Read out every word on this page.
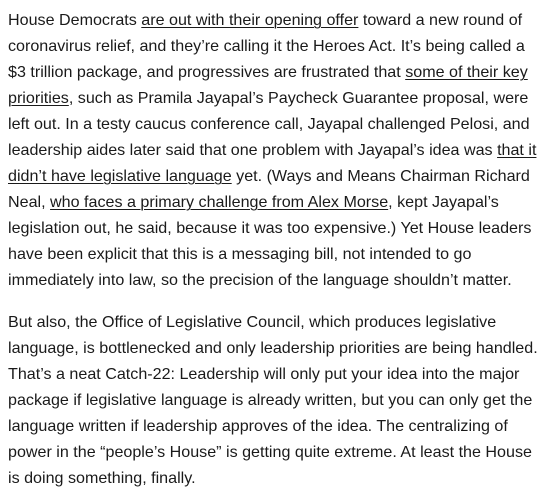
House Democrats are out with their opening offer toward a new round of coronavirus relief, and they’re calling it the Heroes Act. It’s being called a $3 trillion package, and progressives are frustrated that some of their key priorities, such as Pramila Jayapal’s Paycheck Guarantee proposal, were left out. In a testy caucus conference call, Jayapal challenged Pelosi, and leadership aides later said that one problem with Jayapal’s idea was that it didn’t have legislative language yet. (Ways and Means Chairman Richard Neal, who faces a primary challenge from Alex Morse, kept Jayapal’s legislation out, he said, because it was too expensive.) Yet House leaders have been explicit that this is a messaging bill, not intended to go immediately into law, so the precision of the language shouldn’t matter.

But also, the Office of Legislative Council, which produces legislative language, is bottlenecked and only leadership priorities are being handled. That’s a neat Catch-22: Leadership will only put your idea into the major package if legislative language is already written, but you can only get the language written if leadership approves of the idea. The centralizing of power in the “people’s House” is getting quite extreme. At least the House is doing something, finally.
